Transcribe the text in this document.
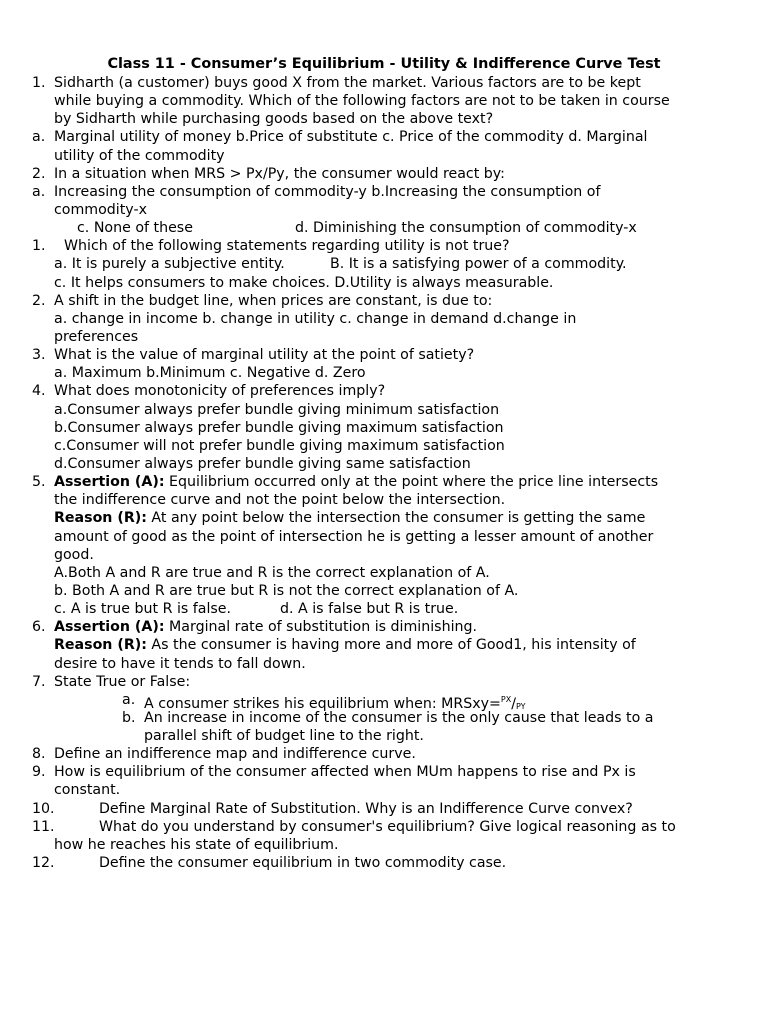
Class 11 - Consumer’s Equilibrium - Utility & Indifference Curve Test
1. Sidharth (a customer) buys good X from the market. Various factors are to be kept
while buying a commodity. Which of the following factors are not to be taken in course
by Sidharth while purchasing goods based on the above text?
a. Marginal utility of money b.Price of substitute c. Price of the commodity d. Marginal
utility of the commodity
2. In a situation when MRS > Px/Py, the consumer would react by:
a. Increasing the consumption of commodity-y b.Increasing the consumption of
commodity-x
c. None of these	d. Diminishing the consumption of commodity-x
1. Which of the following statements regarding utility is not true?
a. It is purely a subjective entity.	B. It is a satisfying power of a commodity.
c. It helps consumers to make choices. D.Utility is always measurable.
2. A shift in the budget line, when prices are constant, is due to:
a. change in income b. change in utility c. change in demand d.change in
preferences
3. What is the value of marginal utility at the point of satiety?
a. Maximum b.Minimum c. Negative d. Zero
4. What does monotonicity of preferences imply?
a.Consumer always prefer bundle giving minimum satisfaction
b.Consumer always prefer bundle giving maximum satisfaction
c.Consumer will not prefer bundle giving maximum satisfaction
d.Consumer always prefer bundle giving same satisfaction
5. Assertion (A): Equilibrium occurred only at the point where the price line intersects
the indifference curve and not the point below the intersection.
Reason (R): At any point below the intersection the consumer is getting the same
amount of good as the point of intersection he is getting a lesser amount of another
good.
A.Both A and R are true and R is the correct explanation of A.
b. Both A and R are true but R is not the correct explanation of A.
c. A is true but R is false.	d. A is false but R is true.
6. Assertion (A): Marginal rate of substitution is diminishing.
Reason (R): As the consumer is having more and more of Good1, his intensity of
desire to have it tends to fall down.
7. State True or False:
a. A consumer strikes his equilibrium when: MRSxy=$^{PX}$/PY
b. An increase in income of the consumer is the only cause that leads to a
parallel shift of budget line to the right.
8. Define an indifference map and indifference curve.
9. How is equilibrium of the consumer affected when MUm happens to rise and Px is
constant.
10.	Define Marginal Rate of Substitution. Why is an Indifference Curve convex?
11.	What do you understand by consumer's equilibrium? Give logical reasoning as to
how he reaches his state of equilibrium.
12.	Define the consumer equilibrium in two commodity case.
